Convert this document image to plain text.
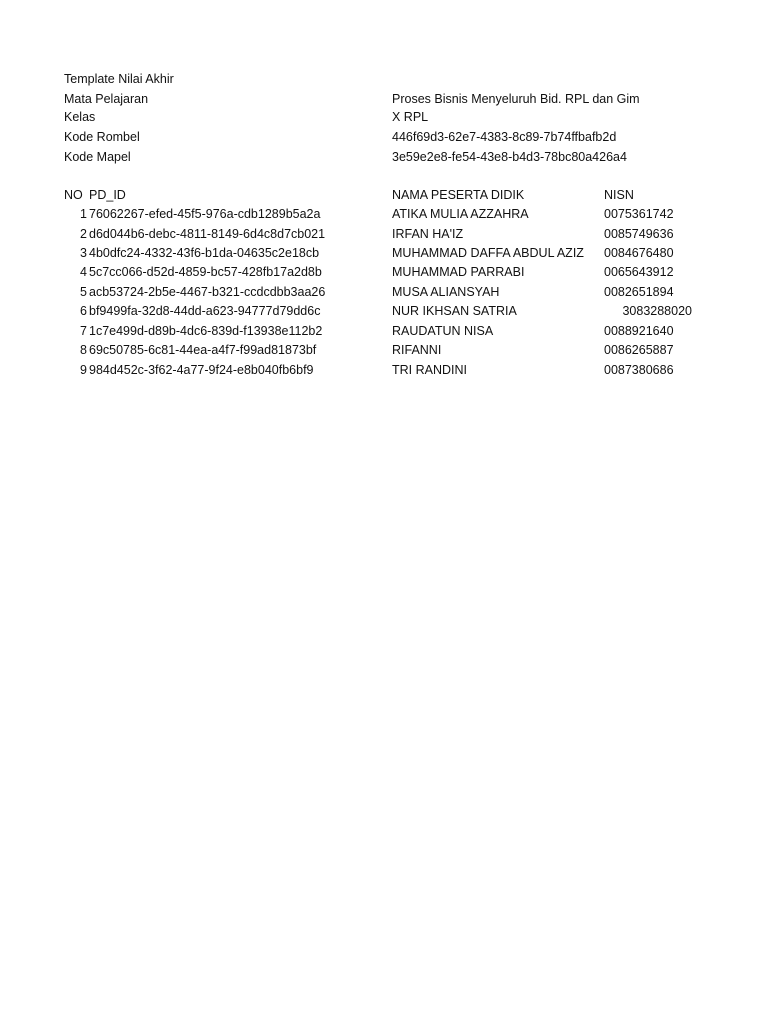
Template Nilai Akhir
Mata Pelajaran	Proses Bisnis Menyeluruh Bid. RPL dan Gim
Kelas	X RPL
Kode Rombel	446f69d3-62e7-4383-8c89-7b74ffbafb2d
Kode Mapel	3e59e2e8-fe54-43e8-b4d3-78bc80a426a4
NO PD_ID	NAMA PESERTA DIDIK	NISN
1 76062267-efed-45f5-976a-cdb1289b5a2a	ATIKA MULIA AZZAHRA	0075361742
2 d6d044b6-debc-4811-8149-6d4c8d7cb021	IRFAN HA'IZ	0085749636
3 4b0dfc24-4332-43f6-b1da-04635c2e18cb	MUHAMMAD DAFFA ABDUL AZIZ 0084676480
4 5c7cc066-d52d-4859-bc57-428fb17a2d8b	MUHAMMAD PARRABI	0065643912
5 acb53724-2b5e-4467-b321-ccdcdbb3aa26	MUSA ALIANSYAH	0082651894
6 bf9499fa-32d8-44dd-a623-94777d79dd6c	NUR IKHSAN SATRIA	3083288020
7 1c7e499d-d89b-4dc6-839d-f13938e112b2	RAUDATUN NISA	0088921640
8 69c50785-6c81-44ea-a4f7-f99ad81873bf	RIFANNI	0086265887
9 984d452c-3f62-4a77-9f24-e8b040fb6bf9	TRI RANDINI	0087380686
